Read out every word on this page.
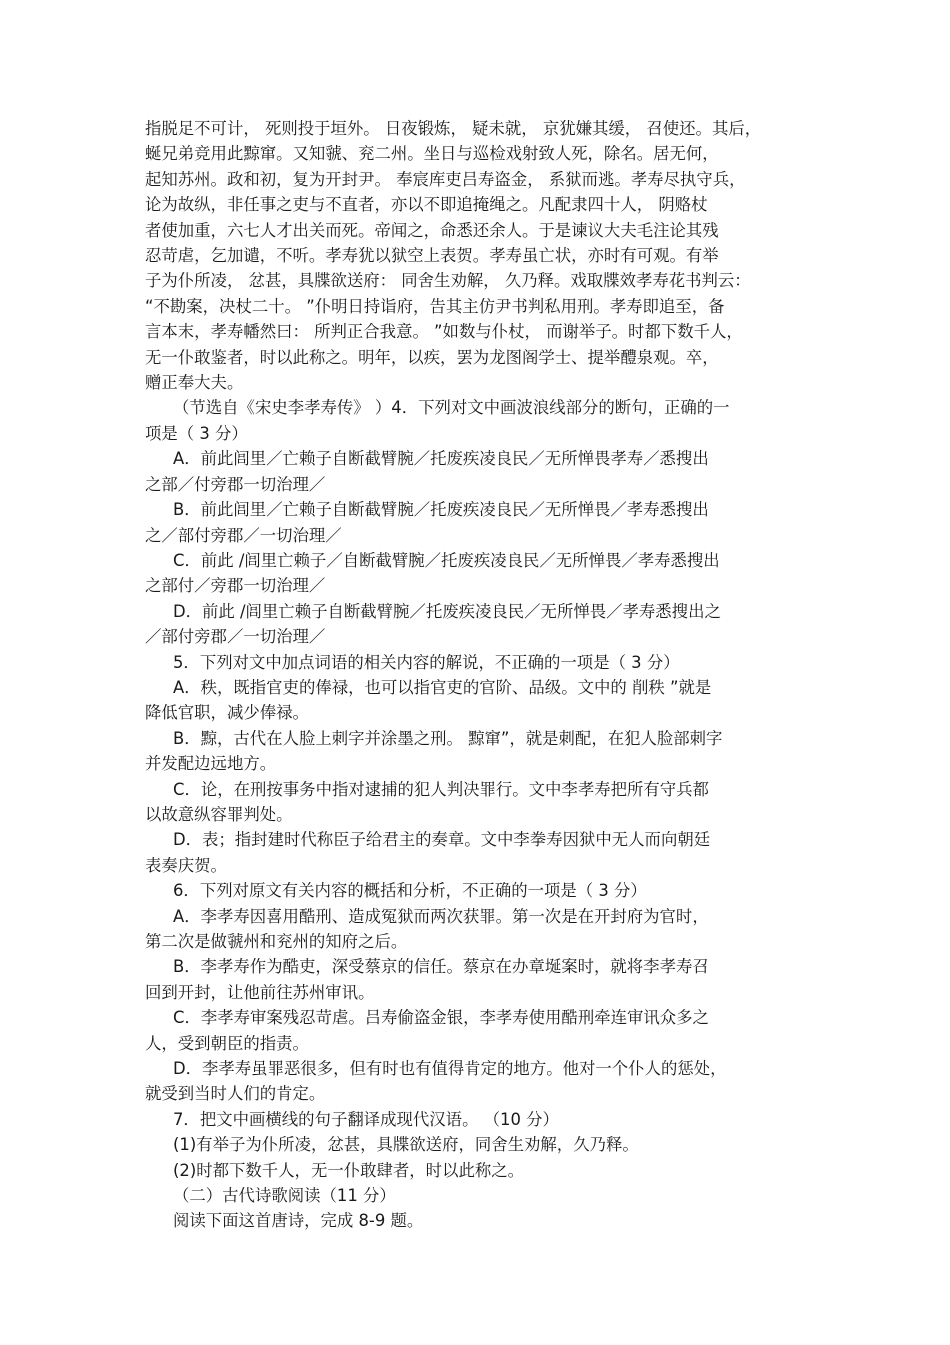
指脱足不可计， 死则投于垣外。 日夜锻炼， 疑未就， 京犹嫌其缓， 召使还。其后，
蜒兄弟竞用此黥窜。又知虢、兖二州。坐日与巡检戏射致人死，除名。居无何，
起知苏州。政和初，复为开封尹。 奉宸库吏吕寿盗金， 系狱而逃。孝寿尽执守兵，
论为故纵，非任事之吏与不直者，亦以不即追掩绳之。凡配隶四十人， 阴赂杖
者使加重，六七人才出关而死。帝闻之，命悉还余人。于是谏议大夫毛注论其残
忍苛虐，乞加谴，不听。孝寿犹以狱空上表贺。孝寿虽亡状，亦时有可观。有举
子为仆所凌， 忿甚，具牒欲送府： 同舍生劝解， 久乃释。戏取牒效孝寿花书判云：
“不勘案，决杖二十。 ”仆明日持诣府，告其主仿尹书判私用刑。孝寿即追至，备
言本末，孝寿幡然曰： 所判正合我意。 ”如数与仆杖， 而谢举子。时都下数千人，
无一仆敢鉴者，时以此称之。明年，以疾，罢为龙图阁学士、提举醴泉观。卒，
赠正奉大夫。
（节选自《宋史李孝寿传》 ）4．下列对文中画波浪线部分的断句，正确的一
项是（ 3 分）
A．前此闾里／亡赖子自断截臂腕／托废疾凌良民／无所惮畏孝寿／悉搜出
之部／付旁郡一切治理／
B．前此闾里／亡赖子自断截臂腕／托废疾凌良民／无所惮畏／孝寿悉搜出
之／部付旁郡／一切治理／
C．前此 /闾里亡赖子／自断截臂腕／托废疾凌良民／无所惮畏／孝寿悉搜出
之部付／旁郡一切治理／
D．前此 /闾里亡赖子自断截臂腕／托废疾凌良民／无所惮畏／孝寿悉搜出之
／部付旁郡／一切治理／
5．下列对文中加点词语的相关内容的解说，不正确的一项是（ 3 分）
A．秩，既指官吏的俸禄，也可以指官吏的官阶、品级。文中的 削秩 ”就是
降低官职，减少俸禄。
B．黥，古代在人脸上刺字并涂墨之刑。 黥窜”，就是刺配，在犯人脸部刺字
并发配边远地方。
C．论，在刑按事务中指对逮捕的犯人判决罪行。文中李孝寿把所有守兵都
以故意纵容罪判处。
D．表；指封建时代称臣子给君主的奏章。文中李拳寿因狱中无人而向朝廷
表奏庆贺。
6．下列对原文有关内容的概括和分析，不正确的一项是（ 3 分）
A．李孝寿因喜用酷刑、造成冤狱而两次获罪。第一次是在开封府为官时，
第二次是做虢州和兖州的知府之后。
B．李孝寿作为酷吏，深受蔡京的信任。蔡京在办章埏案时，就将李孝寿召
回到开封，让他前往苏州审讯。
C．李孝寿审案残忍苛虐。吕寿偷盗金银，李孝寿使用酷刑牵连审讯众多之
人，受到朝臣的指责。
D．李孝寿虽罪恶很多，但有时也有值得肯定的地方。他对一个仆人的惩处，
就受到当时人们的肯定。
7．把文中画横线的句子翻译成现代汉语。 （10 分）
(1)有举子为仆所凌，忿甚，具牒欲送府，同舍生劝解，久乃释。
(2)时都下数千人，无一仆敢肆者，时以此称之。
（二）古代诗歌阅读（11 分）
阅读下面这首唐诗，完成 8-9 题。
